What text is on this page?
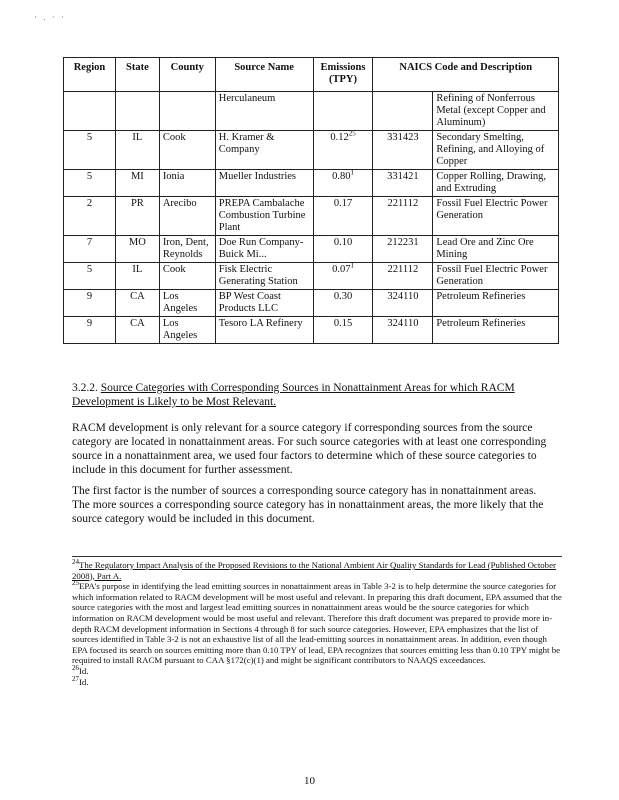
· . · ·
Region	State	County	Source Name	Emissions (TPY)	NAICS Code and Description	
			Herculaneum			Refining of Nonferrous Metal (except Copper and Aluminum)
5	IL	Cook	H. Kramer & Company	0.12$^{25}$	331423	Secondary Smelting, Refining, and Alloying of Copper
5	MI	Ionia	Mueller Industries	0.80$^1$	331421	Copper Rolling, Drawing, and Extruding
2	PR	Arecibo	PREPA Cambalache Combustion Turbine Plant	0.17	221112	Fossil Fuel Electric Power Generation
7	MO	Iron, Dent, Reynolds	Doe Run Company-Buick Mi...	0.10	212231	Lead Ore and Zinc Ore Mining
5	IL	Cook	Fisk Electric Generating Station	0.07$^1$	221112	Fossil Fuel Electric Power Generation
9	CA	Los Angeles	BP West Coast Products LLC	0.30	324110	Petroleum Refineries
9	CA	Los Angeles	Tesoro LA Refinery	0.15	324110	Petroleum Refineries
3.2.2. Source Categories with Corresponding Sources in Nonattainment Areas for which RACM Development is Likely to be Most Relevant.

RACM development is only relevant for a source category if corresponding sources from the source category are located in nonattainment areas. For such source categories with at least one corresponding source in a nonattainment area, we used four factors to determine which of these source categories to include in this document for further assessment.

The first factor is the number of sources a corresponding source category has in nonattainment areas. The more sources a corresponding source category has in nonattainment areas, the more likely that the source category would be included in this document.

$^{24}$The Regulatory Impact Analysis of the Proposed Revisions to the National Ambient Air Quality Standards for Lead (Published October 2008), Part A.

$^{25}$EPA's purpose in identifying the lead emitting sources in nonattainment areas in Table 3-2 is to help determine the source categories for which information related to RACM development will be most useful and relevant. In preparing this draft document, EPA assumed that the source categories with the most and largest lead emitting sources in nonattainment areas would be the source categories for which information on RACM development would be most useful and relevant. Therefore this draft document was prepared to provide more in-depth RACM development information in Sections 4 through 8 for such source categories. However, EPA emphasizes that the list of sources identified in Table 3-2 is not an exhaustive list of all the lead-emitting sources in nonattainment areas. In addition, even though EPA focused its search on sources emitting more than 0.10 TPY of lead, EPA recognizes that sources emitting less than 0.10 TPY might be required to install RACM pursuant to CAA §172(c)(1) and might be significant contributors to NAAQS exceedances.

$^{26}$Id.

$^{27}$Id.

10
